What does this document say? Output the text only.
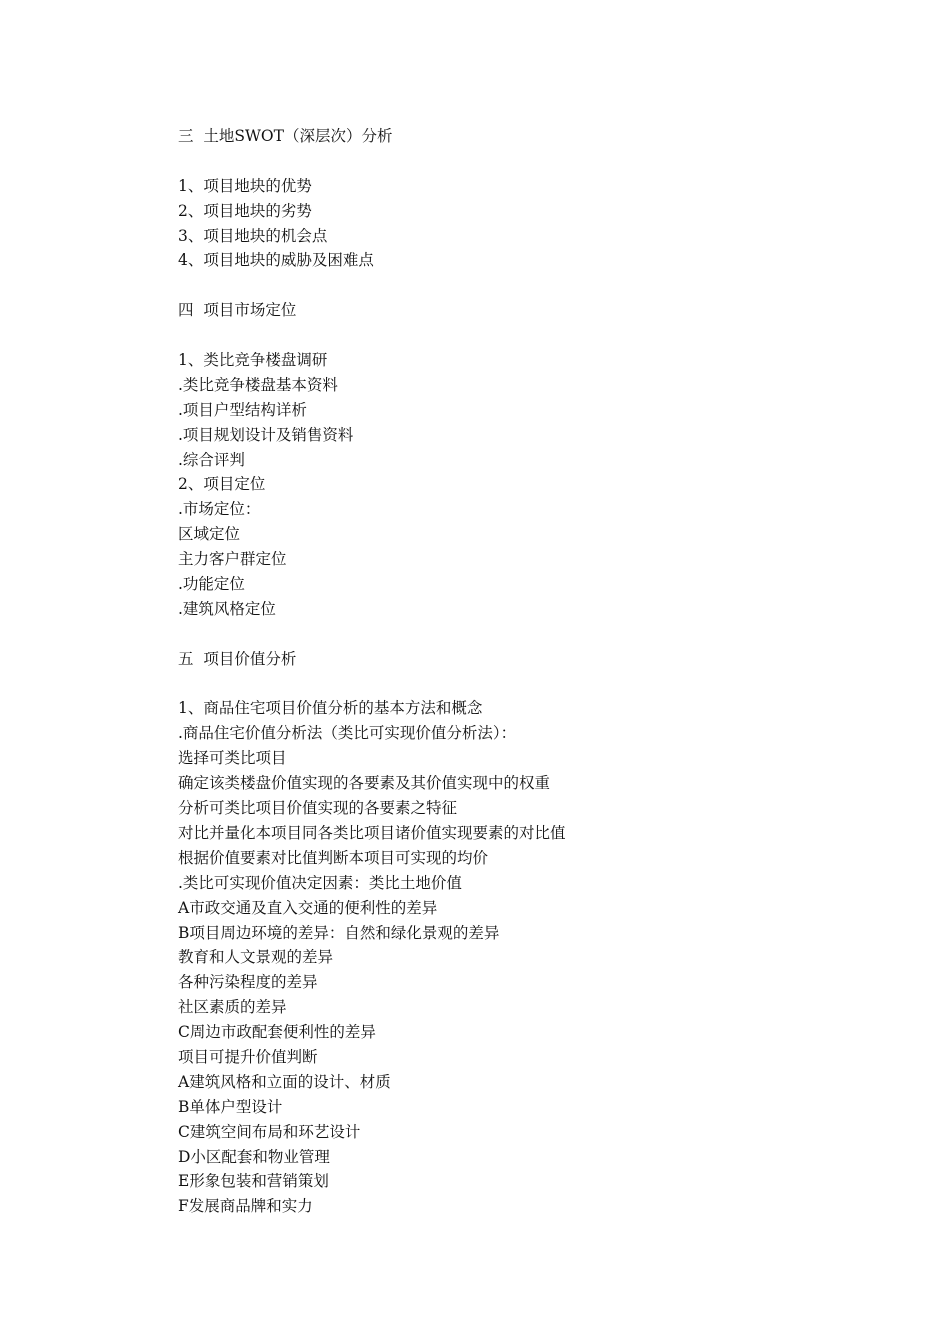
三  土地SWOT（深层次）分析
1、项目地块的优势
2、项目地块的劣势
3、项目地块的机会点
4、项目地块的威胁及困难点
四  项目市场定位
1、类比竞争楼盘调研
.类比竞争楼盘基本资料
.项目户型结构详析
.项目规划设计及销售资料
.综合评判
2、项目定位
.市场定位：
区域定位
主力客户群定位
.功能定位
.建筑风格定位
五  项目价值分析
1、商品住宅项目价值分析的基本方法和概念
.商品住宅价值分析法（类比可实现价值分析法）：
选择可类比项目
确定该类楼盘价值实现的各要素及其价值实现中的权重
分析可类比项目价值实现的各要素之特征
对比并量化本项目同各类比项目诸价值实现要素的对比值
根据价值要素对比值判断本项目可实现的均价
.类比可实现价值决定因素：类比土地价值
A市政交通及直入交通的便利性的差异
B项目周边环境的差异：自然和绿化景观的差异
教育和人文景观的差异
各种污染程度的差异
社区素质的差异
C周边市政配套便利性的差异
项目可提升价值判断
A建筑风格和立面的设计、材质
B单体户型设计
C建筑空间布局和环艺设计
D小区配套和物业管理
E形象包装和营销策划
F发展商品牌和实力
